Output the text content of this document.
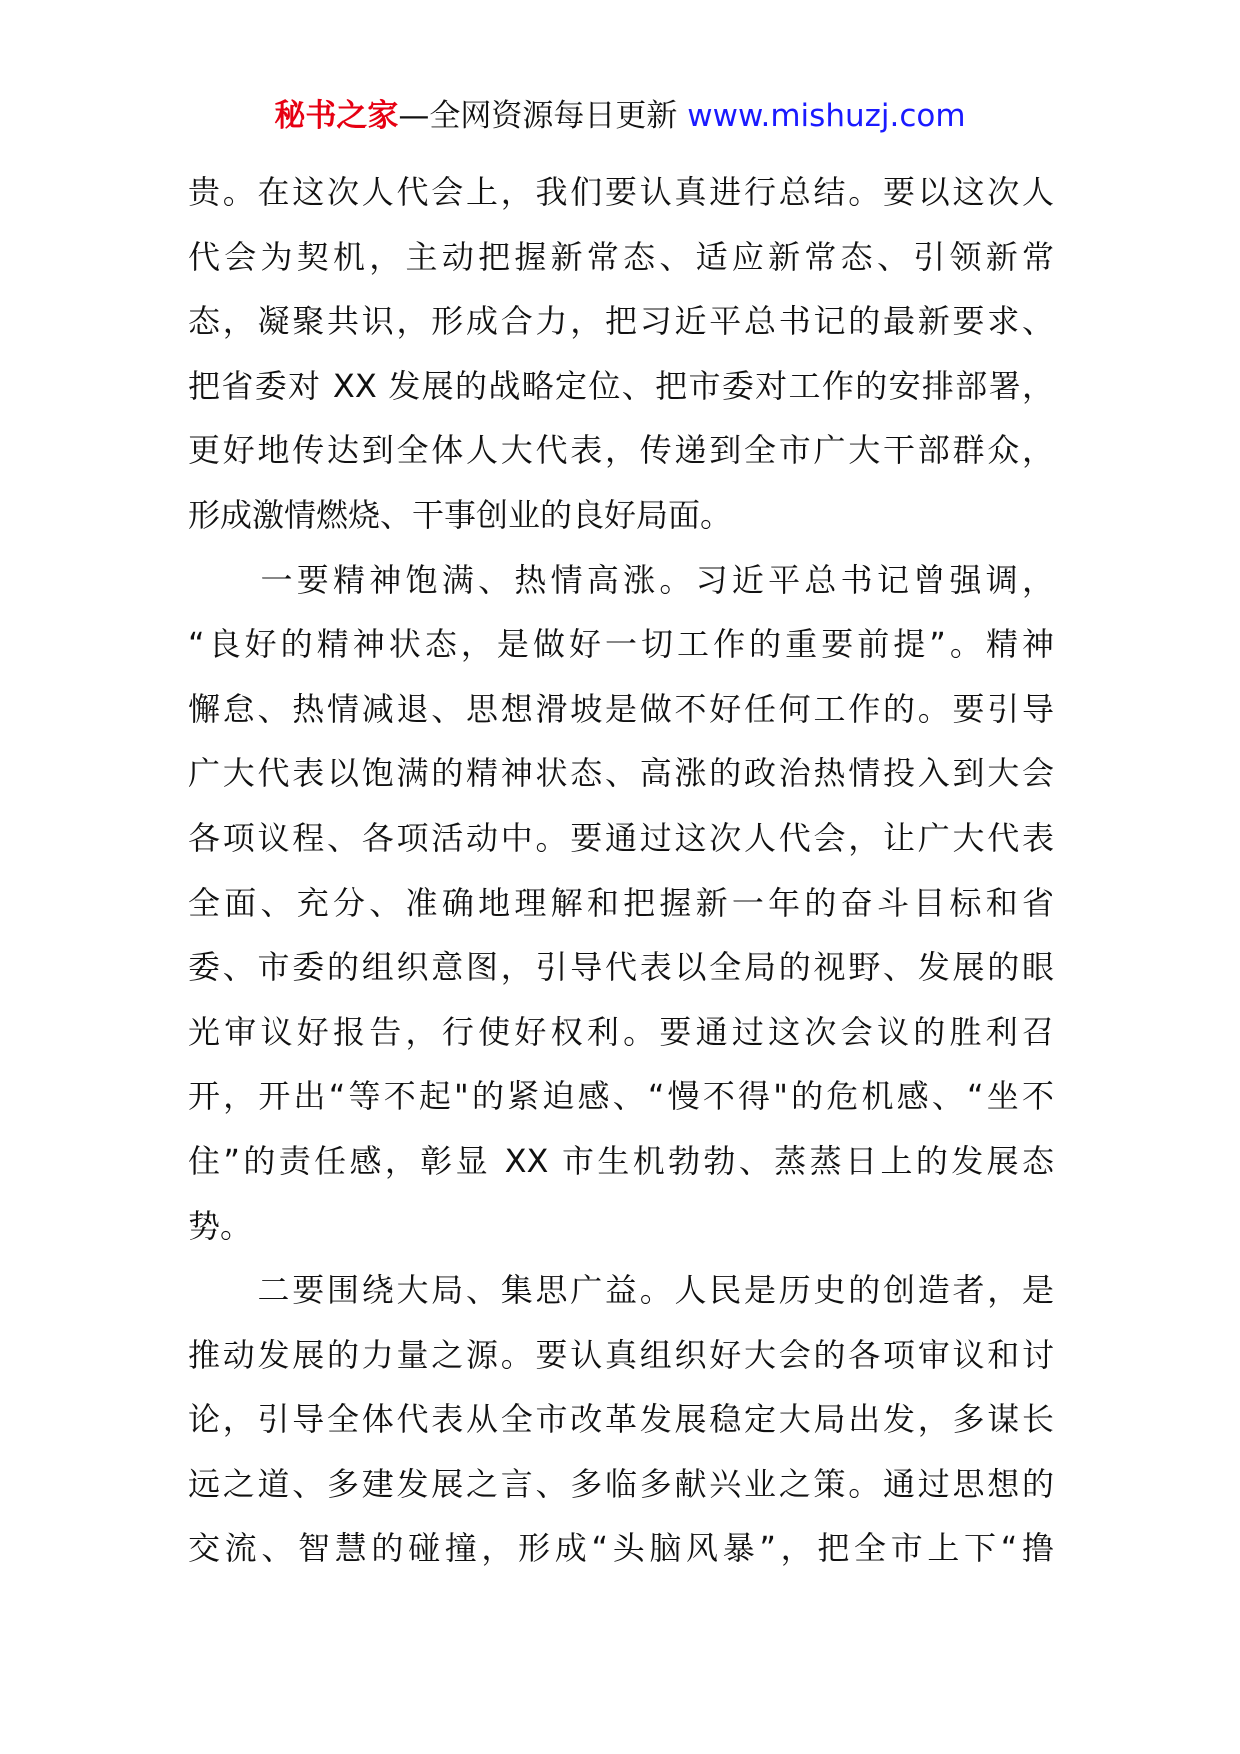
秘书之家—全网资源每日更新 www.mishuzj.com
贵。在这次人代会上，我们要认真进行总结。要以这次人
代会为契机，主动把握新常态、适应新常态、引领新常
态，凝聚共识，形成合力，把习近平总书记的最新要求、
把省委对 XX 发展的战略定位、把市委对工作的安排部署，
更好地传达到全体人大代表，传递到全市广大干部群众，
形成激情燃烧、干事创业的良好局面。
　　一要精神饱满、热情高涨。习近平总书记曾强调，
“良好的精神状态，是做好一切工作的重要前提”。精神
懈怠、热情减退、思想滑坡是做不好任何工作的。要引导
广大代表以饱满的精神状态、高涨的政治热情投入到大会
各项议程、各项活动中。要通过这次人代会，让广大代表
全面、充分、准确地理解和把握新一年的奋斗目标和省
委、市委的组织意图，引导代表以全局的视野、发展的眼
光审议好报告，行使好权利。要通过这次会议的胜利召
开，开出“等不起"的紧迫感、“慢不得"的危机感、“坐不
住”的责任感，彰显 XX 市生机勃勃、蒸蒸日上的发展态
势。
　　二要围绕大局、集思广益。人民是历史的创造者，是
推动发展的力量之源。要认真组织好大会的各项审议和讨
论，引导全体代表从全市改革发展稳定大局出发，多谋长
远之道、多建发展之言、多临多献兴业之策。通过思想的
交流、智慧的碰撞，形成“头脑风暴”，把全市上下“撸
